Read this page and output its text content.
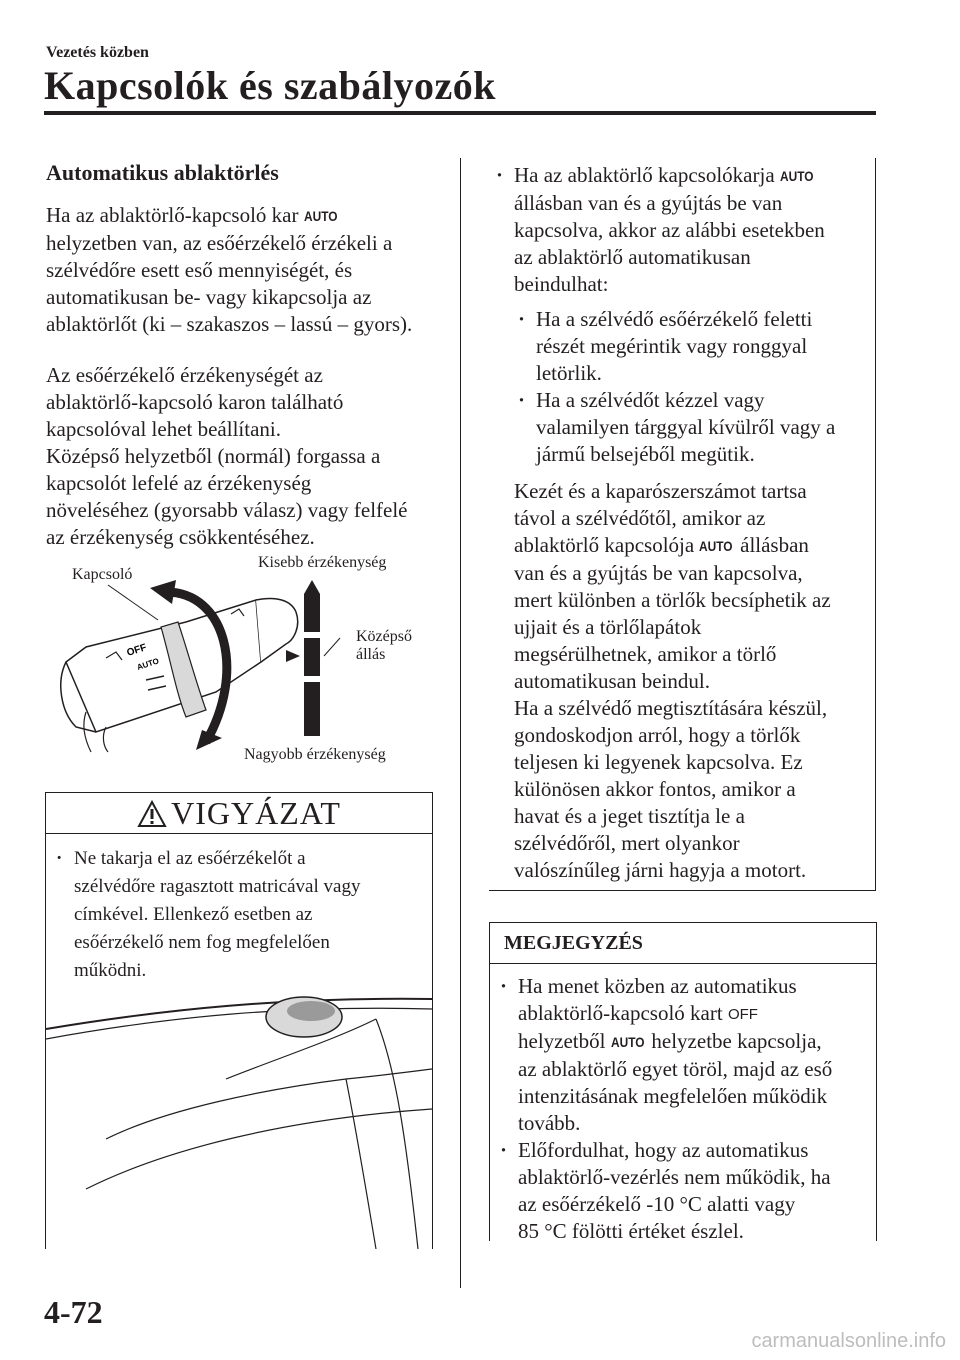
Vezetés közben
Kapcsolók és szabályozók
Automatikus ablaktörlés
Ha az ablaktörlő-kapcsoló kar AUTO
helyzetben van, az esőérzékelő érzékeli a
szélvédőre esett eső mennyiségét, és
automatikusan be- vagy kikapcsolja az
ablaktörlőt (ki – szakaszos – lassú – gyors).
Az esőérzékelő érzékenységét az
ablaktörlő-kapcsoló karon található
kapcsolóval lehet beállítani.
Középső helyzetből (normál) forgassa a
kapcsolót lefelé az érzékenység
növeléséhez (gyorsabb válasz) vagy felfelé
az érzékenység csökkentéséhez.
OFF
AUTO
Kapcsoló
Kisebb érzékenység
Középső
állás
Nagyobb érzékenység
VIGYÁZAT
· Ne takarja el az esőérzékelőt a
szélvédőre ragasztott matricával vagy
címkével. Ellenkező esetben az
esőérzékelő nem fog megfelelően
működni.
· Ha az ablaktörlő kapcsolókarja AUTO
állásban van és a gyújtás be van
kapcsolva, akkor az alábbi esetekben
az ablaktörlő automatikusan
beindulhat:
· Ha a szélvédő esőérzékelő feletti
részét megérintik vagy ronggyal
letörlik.
· Ha a szélvédőt kézzel vagy
valamilyen tárggyal kívülről vagy a
jármű belsejéből megütik.
Kezét és a kaparószerszámot tartsa
távol a szélvédőtől, amikor az
ablaktörlő kapcsolója AUTO állásban
van és a gyújtás be van kapcsolva,
mert különben a törlők becsíphetik az
ujjait és a törlőlapátok
megsérülhetnek, amikor a törlő
automatikusan beindul.
Ha a szélvédő megtisztítására készül,
gondoskodjon arról, hogy a törlők
teljesen ki legyenek kapcsolva. Ez
különösen akkor fontos, amikor a
havat és a jeget tisztítja le a
szélvédőről, mert olyankor
valószínűleg járni hagyja a motort.
MEGJEGYZÉS
· Ha menet közben az automatikus
ablaktörlő-kapcsoló kart OFF
helyzetből AUTO helyzetbe kapcsolja,
az ablaktörlő egyet töröl, majd az eső
intenzitásának megfelelően működik
tovább.
· Előfordulhat, hogy az automatikus
ablaktörlő-vezérlés nem működik, ha
az esőérzékelő -10 °C alatti vagy
85 °C fölötti értéket észlel.
4-72
carmanualsonline.info
